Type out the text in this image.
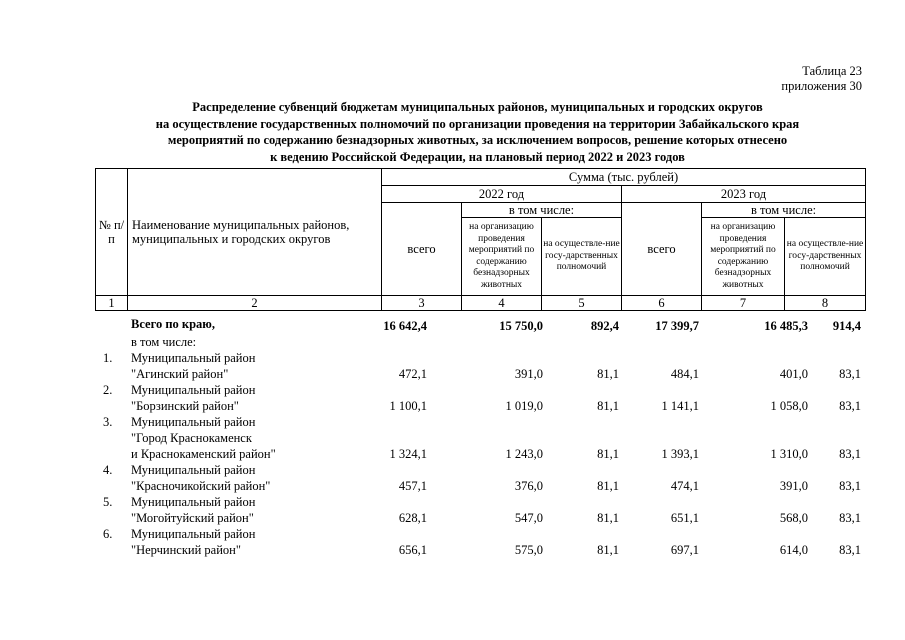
Таблица 23
приложения 30
Распределение субвенций бюджетам муниципальных районов, муниципальных и городских округов
на осуществление государственных полномочий по организации проведения на территории Забайкальского края
мероприятий по содержанию безнадзорных животных, за исключением вопросов, решение которых отнесено
к ведению Российской Федерации, на плановый период 2022 и 2023 годов
№ п/п	Наименование муниципальных районов, муниципальных и городских округов	Сумма (тыс. рублей)					
		2022 год			2023 год		
		всего	в том числе:		всего	в том числе:	
			на организацию проведения мероприятий по содержанию безнадзорных животных	на осуществле-ние госу-дарственных полномочий		на организацию проведения мероприятий по содержанию безнадзорных животных	на осуществле-ние госу-дарственных полномочий
1	2	3	4	5	6	7	8
Всего по краю,	16 642,4	15 750,0	892,4	17 399,7	16 485,3 914,4
в том числе:
1.	Муниципальный район
"Агинский район"	472,1	391,0	81,1	484,1	401,0 83,1
2.	Муниципальный район
"Борзинский район"	1 100,1	1 019,0	81,1	1 141,1	1 058,0 83,1
3.	Муниципальный район
"Город Краснокаменск
и Краснокаменский район"	1 324,1	1 243,0	81,1	1 393,1	1 310,0 83,1
4.	Муниципальный район
"Красночикойский район"	457,1	376,0	81,1	474,1	391,0 83,1
5.	Муниципальный район
"Могойтуйский район"	628,1	547,0	81,1	651,1	568,0 83,1
6.	Муниципальный район
"Нерчинский район"	656,1	575,0	81,1	697,1	614,0 83,1
